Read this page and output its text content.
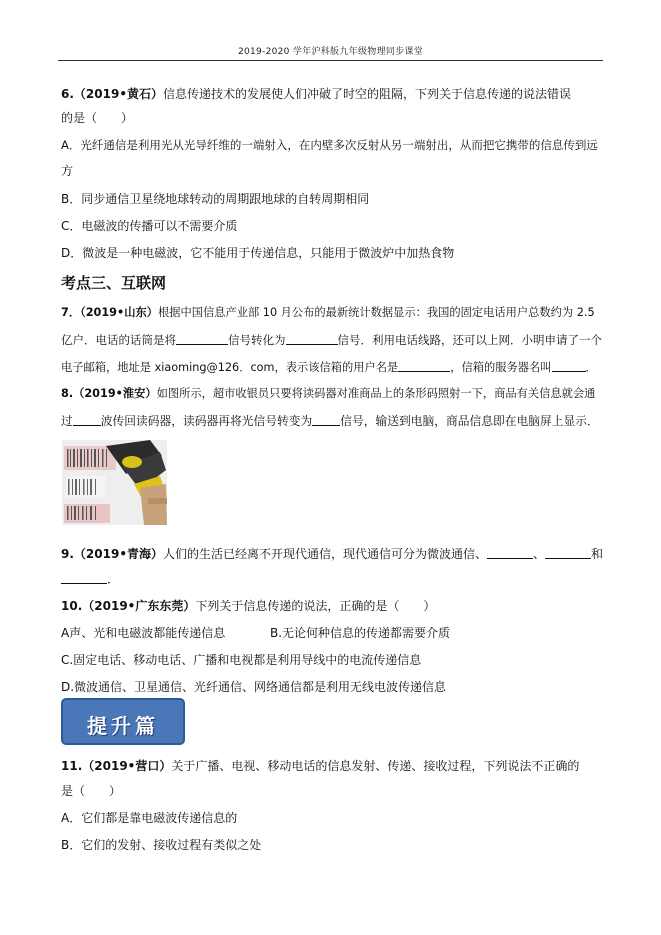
2019-2020 学年沪科版九年级物理同步课堂
6.（2019•黄石）信息传递技术的发展使人们冲破了时空的阻隔，下列关于信息传递的说法错误
的是（　　）
A．光纤通信是利用光从光导纤维的一端射入，在内壁多次反射从另一端射出，从而把它携带的信息传到远
方
B．同步通信卫星绕地球转动的周期跟地球的自转周期相同
C．电磁波的传播可以不需要介质
D．微波是一种电磁波，它不能用于传递信息，只能用于微波炉中加热食物
考点三、互联网
7．（2019•山东）根据中国信息产业部 10 月公布的最新统计数据显示：我国的固定电话用户总数约为 2.5
亿户．电话的话筒是将	信号转化为	信号．利用电话线路，还可以上网．小明申请了一个
电子邮箱，地址是 xiaoming@126．com，表示该信箱的用户名是	，信箱的服务器名叫	．
8.（2019•淮安）如图所示，超市收银员只要将读码器对准商品上的条形码照射一下，商品有关信息就会通
过 波传回读码器，读码器再将光信号转变为 信号，输送到电脑，商品信息即在电脑屏上显示．
9.（2019•青海）人们的生活已经离不开现代通信，现代通信可分为微波通信、	、	和
．
10.（2019•广东东莞）下列关于信息传递的说法，正确的是（　　）
A声、光和电磁波都能传递信息	B.无论何种信息的传递都需要介质
C.固定电话、移动电话、广播和电视都是利用导线中的电流传递信息
D.微波通信、卫星通信、光纤通信、网络通信都是利用无线电波传递信息
提升篇
11.（2019•营口）关于广播、电视、移动电话的信息发射、传递、接收过程，下列说法不正确的
是（　　）
A．它们都是靠电磁波传递信息的
B．它们的发射、接收过程有类似之处
